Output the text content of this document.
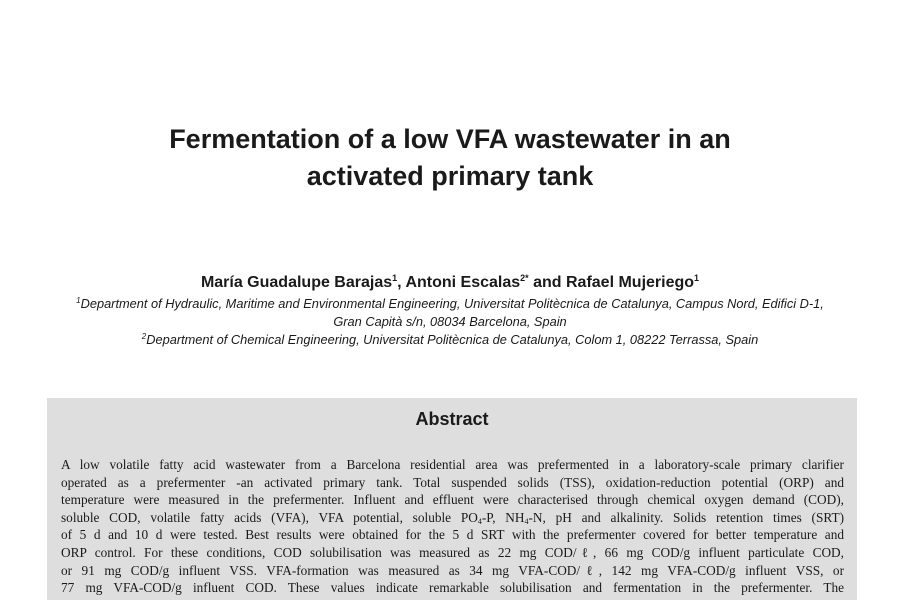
Fermentation of a low VFA wastewater in an
activated primary tank
María Guadalupe Barajas$^1$, Antoni Escalas$^{2*}$ and Rafael Mujeriego$^1$
$^1$Department of Hydraulic, Maritime and Environmental Engineering, Universitat Politècnica de Catalunya, Campus Nord, Edifici D-1,
Gran Capità s/n, 08034 Barcelona, Spain
$^2$Department of Chemical Engineering, Universitat Politècnica de Catalunya, Colom 1, 08222 Terrassa, Spain
Abstract
A low volatile fatty acid wastewater from a Barcelona residential area was prefermented in a laboratory-scale primary clarifier
operated as a prefermenter -an activated primary tank. Total suspended solids (TSS), oxidation-reduction potential (ORP) and
temperature were measured in the prefermenter. Influent and effluent were characterised through chemical oxygen demand (COD),
soluble COD, volatile fatty acids (VFA), VFA potential, soluble $PO_4-P$, $NH_4-N$, pH and alkalinity. Solids retention times (SRT)
of 5 d and 10 d were tested. Best results were obtained for the 5 d SRT with the prefermenter covered for better temperature and
ORP control. For these conditions, COD solubilisation was measured as 22 mg COD/ℓ, 66 mg COD/g influent particulate COD,
or 91 mg COD/g influent VSS. VFA-formation was measured as 34 mg VFA-COD/ℓ, 142 mg VFA-COD/g influent VSS, or
77 mg VFA-COD/g influent COD. These values indicate remarkable solubilisation and fermentation in the prefermenter. The
